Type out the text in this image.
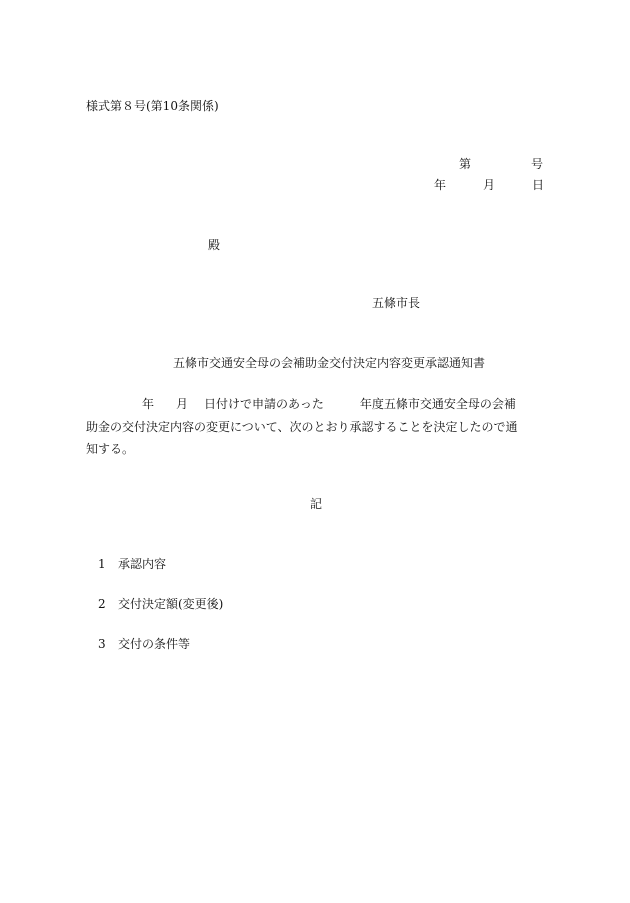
様式第８号(第10条関係)
第	号
年	月	日
殿
五條市長
五條市交通安全母の会補助金交付決定内容変更承認通知書
年 月 日付けで申請のあった	年度五條市交通安全母の会補
助金の交付決定内容の変更について、次のとおり承認することを決定したので通
知する。
記
1 承認内容
2 交付決定額(変更後)
3 交付の条件等
